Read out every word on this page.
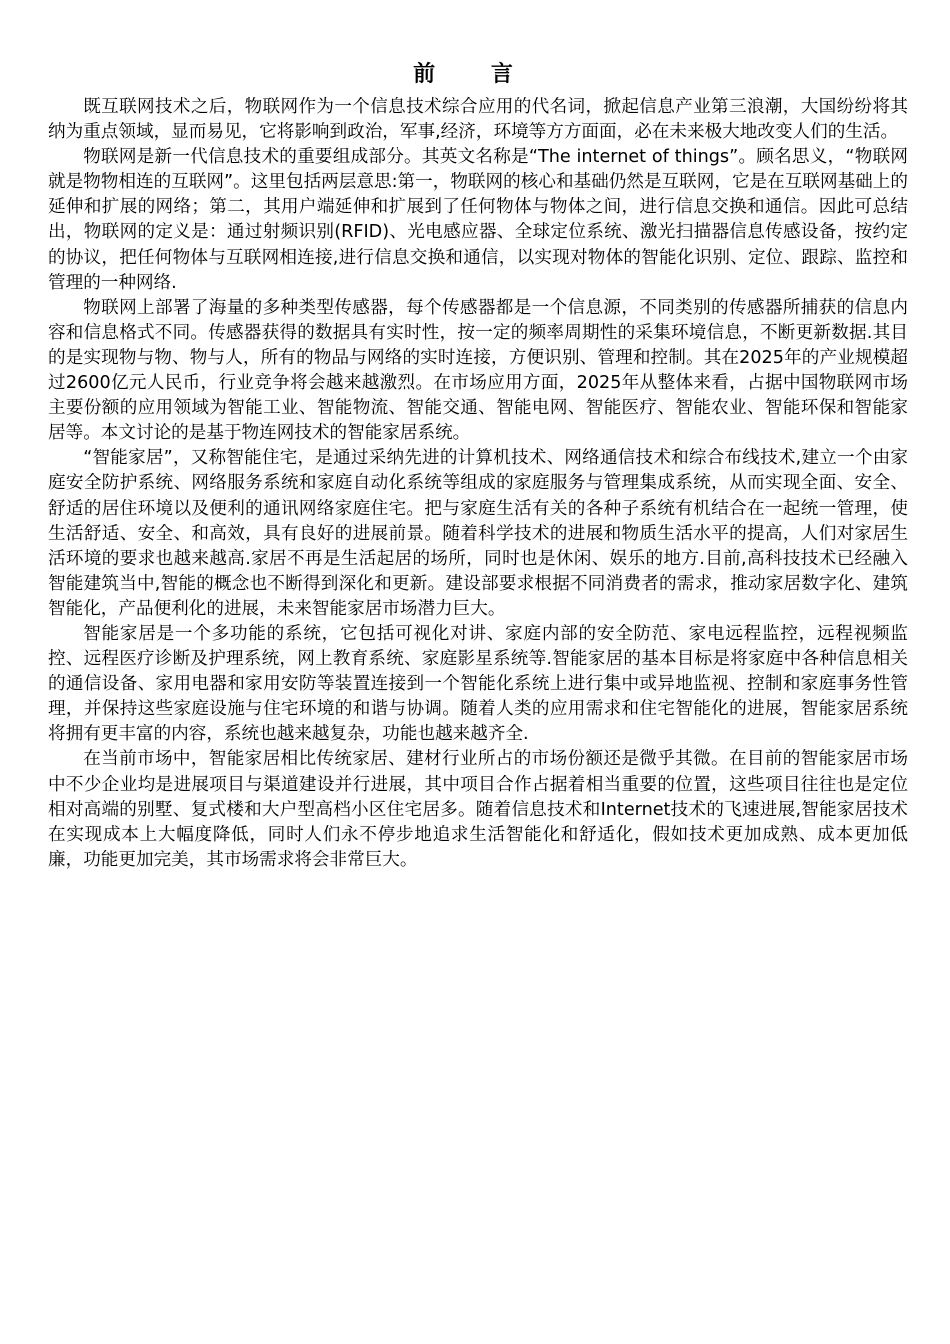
前 言

既互联网技术之后，物联网作为一个信息技术综合应用的代名词，掀起信息产业第三浪潮，大国纷纷将其纳为重点领域，显而易见，它将影响到政治，军事,经济，环境等方方面面，必在未来极大地改变人们的生活。

物联网是新一代信息技术的重要组成部分。其英文名称是“The internet of things”。顾名思义，“物联网就是物物相连的互联网”。这里包括两层意思:第一，物联网的核心和基础仍然是互联网，它是在互联网基础上的延伸和扩展的网络；第二，其用户端延伸和扩展到了任何物体与物体之间，进行信息交换和通信。因此可总结出，物联网的定义是：通过射频识别(RFID)、光电感应器、全球定位系统、激光扫描器信息传感设备，按约定的协议，把任何物体与互联网相连接,进行信息交换和通信，以实现对物体的智能化识别、定位、跟踪、监控和管理的一种网络.

物联网上部署了海量的多种类型传感器，每个传感器都是一个信息源，不同类别的传感器所捕获的信息内容和信息格式不同。传感器获得的数据具有实时性，按一定的频率周期性的采集环境信息，不断更新数据.其目的是实现物与物、物与人，所有的物品与网络的实时连接，方便识别、管理和控制。其在2025年的产业规模超过2600亿元人民币，行业竞争将会越来越激烈。在市场应用方面，2025年从整体来看，占据中国物联网市场主要份额的应用领域为智能工业、智能物流、智能交通、智能电网、智能医疗、智能农业、智能环保和智能家居等。本文讨论的是基于物连网技术的智能家居系统。

“智能家居”，又称智能住宅，是通过采纳先进的计算机技术、网络通信技术和综合布线技术,建立一个由家庭安全防护系统、网络服务系统和家庭自动化系统等组成的家庭服务与管理集成系统，从而实现全面、安全、舒适的居住环境以及便利的通讯网络家庭住宅。把与家庭生活有关的各种子系统有机结合在一起统一管理，使生活舒适、安全、和高效，具有良好的进展前景。随着科学技术的进展和物质生活水平的提高，人们对家居生活环境的要求也越来越高.家居不再是生活起居的场所，同时也是休闲、娱乐的地方.目前,高科技技术已经融入智能建筑当中,智能的概念也不断得到深化和更新。建设部要求根据不同消费者的需求，推动家居数字化、建筑智能化，产品便利化的进展，未来智能家居市场潜力巨大。

智能家居是一个多功能的系统，它包括可视化对讲、家庭内部的安全防范、家电远程监控，远程视频监控、远程医疗诊断及护理系统，网上教育系统、家庭影星系统等.智能家居的基本目标是将家庭中各种信息相关的通信设备、家用电器和家用安防等装置连接到一个智能化系统上进行集中或异地监视、控制和家庭事务性管理，并保持这些家庭设施与住宅环境的和谐与协调。随着人类的应用需求和住宅智能化的进展，智能家居系统将拥有更丰富的内容，系统也越来越复杂，功能也越来越齐全.

在当前市场中，智能家居相比传统家居、建材行业所占的市场份额还是微乎其微。在目前的智能家居市场中不少企业均是进展项目与渠道建设并行进展，其中项目合作占据着相当重要的位置，这些项目往往也是定位相对高端的别墅、复式楼和大户型高档小区住宅居多。随着信息技术和Internet技术的飞速进展,智能家居技术在实现成本上大幅度降低，同时人们永不停步地追求生活智能化和舒适化，假如技术更加成熟、成本更加低廉，功能更加完美，其市场需求将会非常巨大。
